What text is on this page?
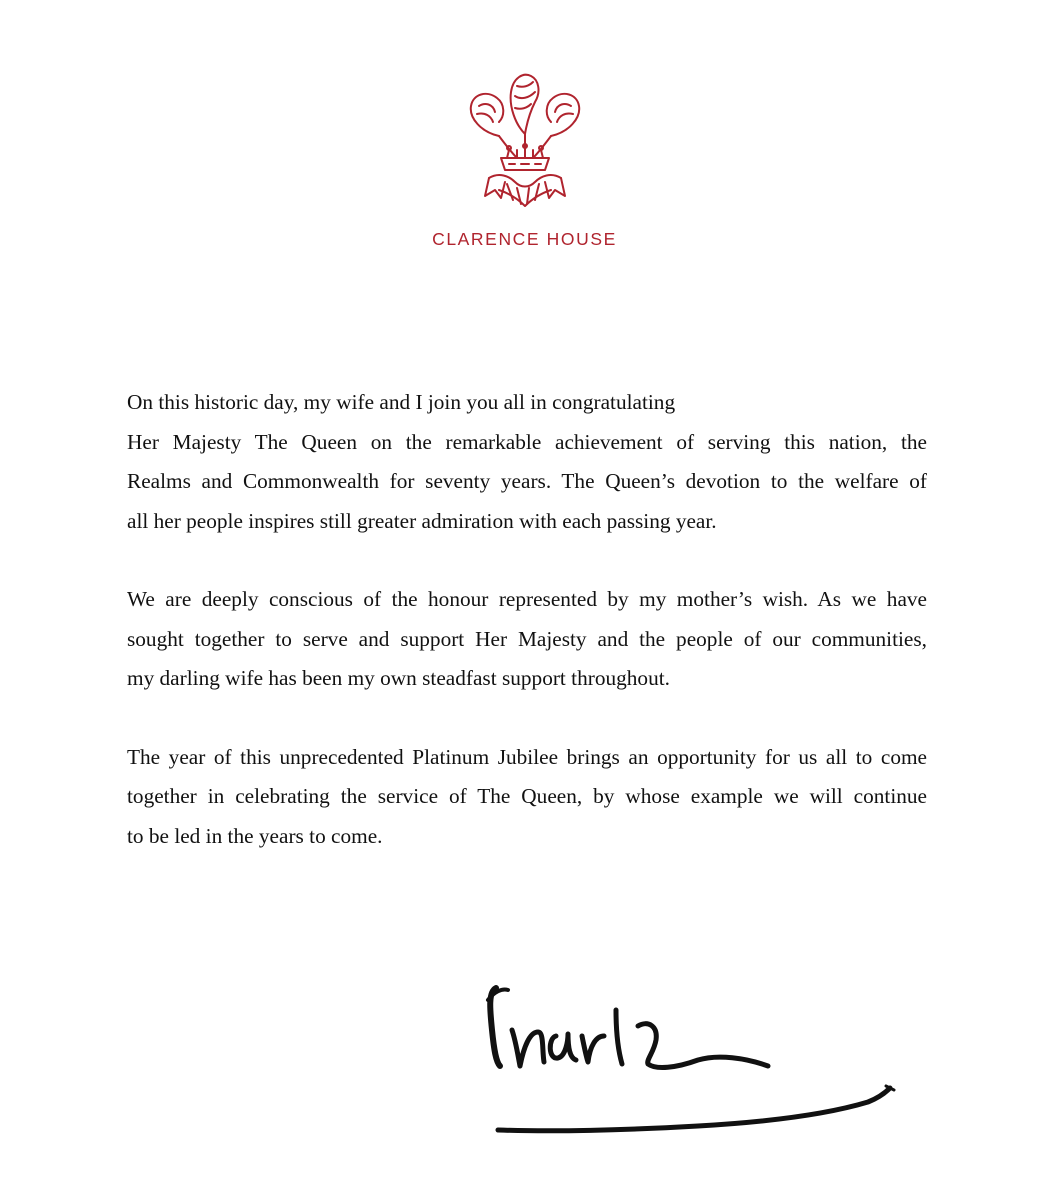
CLARENCE HOUSE
On this historic day, my wife and I join you all in congratulating
Her Majesty The Queen on the remarkable achievement of serving this nation, the
Realms and Commonwealth for seventy years. The Queen’s devotion to the welfare of
all her people inspires still greater admiration with each passing year.
We are deeply conscious of the honour represented by my mother’s wish. As we have
sought together to serve and support Her Majesty and the people of our communities,
my darling wife has been my own steadfast support throughout.
The year of this unprecedented Platinum Jubilee brings an opportunity for us all to come
together in celebrating the service of The Queen, by whose example we will continue
to be led in the years to come.
